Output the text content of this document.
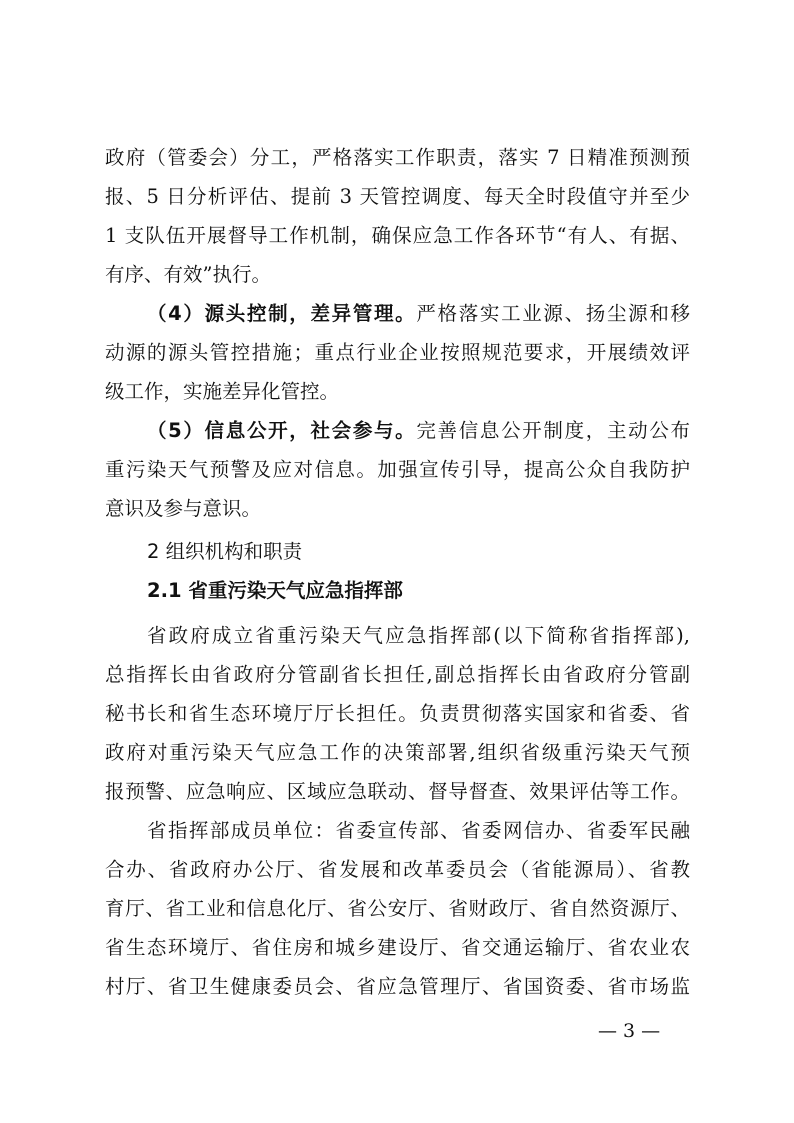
政府（管委会）分工，严格落实工作职责，落实 7 日精准预测预
报、5 日分析评估、提前 3 天管控调度、每天全时段值守并至少
1 支队伍开展督导工作机制，确保应急工作各环节“有人、有据、
有序、有效”执行。
（4）源头控制，差异管理。严格落实工业源、扬尘源和移
动源的源头管控措施；重点行业企业按照规范要求，开展绩效评
级工作，实施差异化管控。
（5）信息公开，社会参与。完善信息公开制度，主动公布
重污染天气预警及应对信息。加强宣传引导，提高公众自我防护
意识及参与意识。
2 组织机构和职责
2.1 省重污染天气应急指挥部
省政府成立省重污染天气应急指挥部(以下简称省指挥部),
总指挥长由省政府分管副省长担任,副总指挥长由省政府分管副
秘书长和省生态环境厅厅长担任。负责贯彻落实国家和省委、省
政府对重污染天气应急工作的决策部署,组织省级重污染天气预
报预警、应急响应、区域应急联动、督导督查、效果评估等工作。
省指挥部成员单位：省委宣传部、省委网信办、省委军民融
合办、省政府办公厅、省发展和改革委员会（省能源局）、省教
育厅、省工业和信息化厅、省公安厅、省财政厅、省自然资源厅、
省生态环境厅、省住房和城乡建设厅、省交通运输厅、省农业农
村厅、省卫生健康委员会、省应急管理厅、省国资委、省市场监
— 3 —
